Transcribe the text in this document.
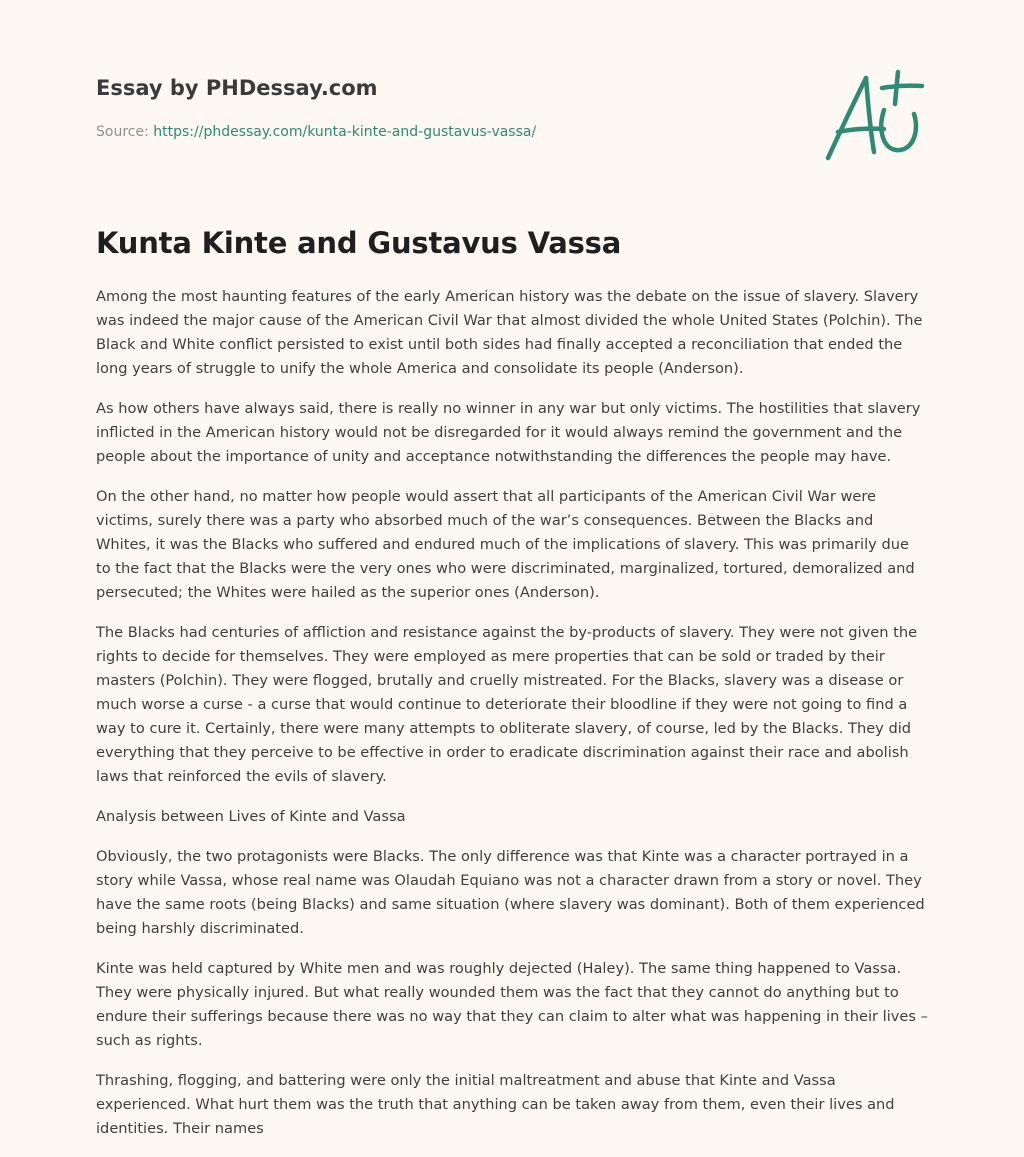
Essay by PHDessay.com

Source: https://phdessay.com/kunta-kinte-and-gustavus-vassa/

Kunta Kinte and Gustavus Vassa

Among the most haunting features of the early American history was the debate on the issue of slavery. Slavery was indeed the major cause of the American Civil War that almost divided the whole United States (Polchin). The Black and White conflict persisted to exist until both sides had finally accepted a reconciliation that ended the long years of struggle to unify the whole America and consolidate its people (Anderson).

As how others have always said, there is really no winner in any war but only victims. The hostilities that slavery inflicted in the American history would not be disregarded for it would always remind the government and the people about the importance of unity and acceptance notwithstanding the differences the people may have.

On the other hand, no matter how people would assert that all participants of the American Civil War were victims, surely there was a party who absorbed much of the war’s consequences. Between the Blacks and Whites, it was the Blacks who suffered and endured much of the implications of slavery. This was primarily due to the fact that the Blacks were the very ones who were discriminated, marginalized, tortured, demoralized and persecuted; the Whites were hailed as the superior ones (Anderson).

The Blacks had centuries of affliction and resistance against the by-products of slavery. They were not given the rights to decide for themselves. They were employed as mere properties that can be sold or traded by their masters (Polchin). They were flogged, brutally and cruelly mistreated. For the Blacks, slavery was a disease or much worse a curse - a curse that would continue to deteriorate their bloodline if they were not going to find a way to cure it. Certainly, there were many attempts to obliterate slavery, of course, led by the Blacks. They did everything that they perceive to be effective in order to eradicate discrimination against their race and abolish laws that reinforced the evils of slavery.

Analysis between Lives of Kinte and Vassa

Obviously, the two protagonists were Blacks. The only difference was that Kinte was a character portrayed in a story while Vassa, whose real name was Olaudah Equiano was not a character drawn from a story or novel. They have the same roots (being Blacks) and same situation (where slavery was dominant). Both of them experienced being harshly discriminated.

Kinte was held captured by White men and was roughly dejected (Haley). The same thing happened to Vassa. They were physically injured. But what really wounded them was the fact that they cannot do anything but to endure their sufferings because there was no way that they can claim to alter what was happening in their lives –such as rights.

Thrashing, flogging, and battering were only the initial maltreatment and abuse that Kinte and Vassa experienced. What hurt them was the truth that anything can be taken away from them, even their lives and identities. Their names
